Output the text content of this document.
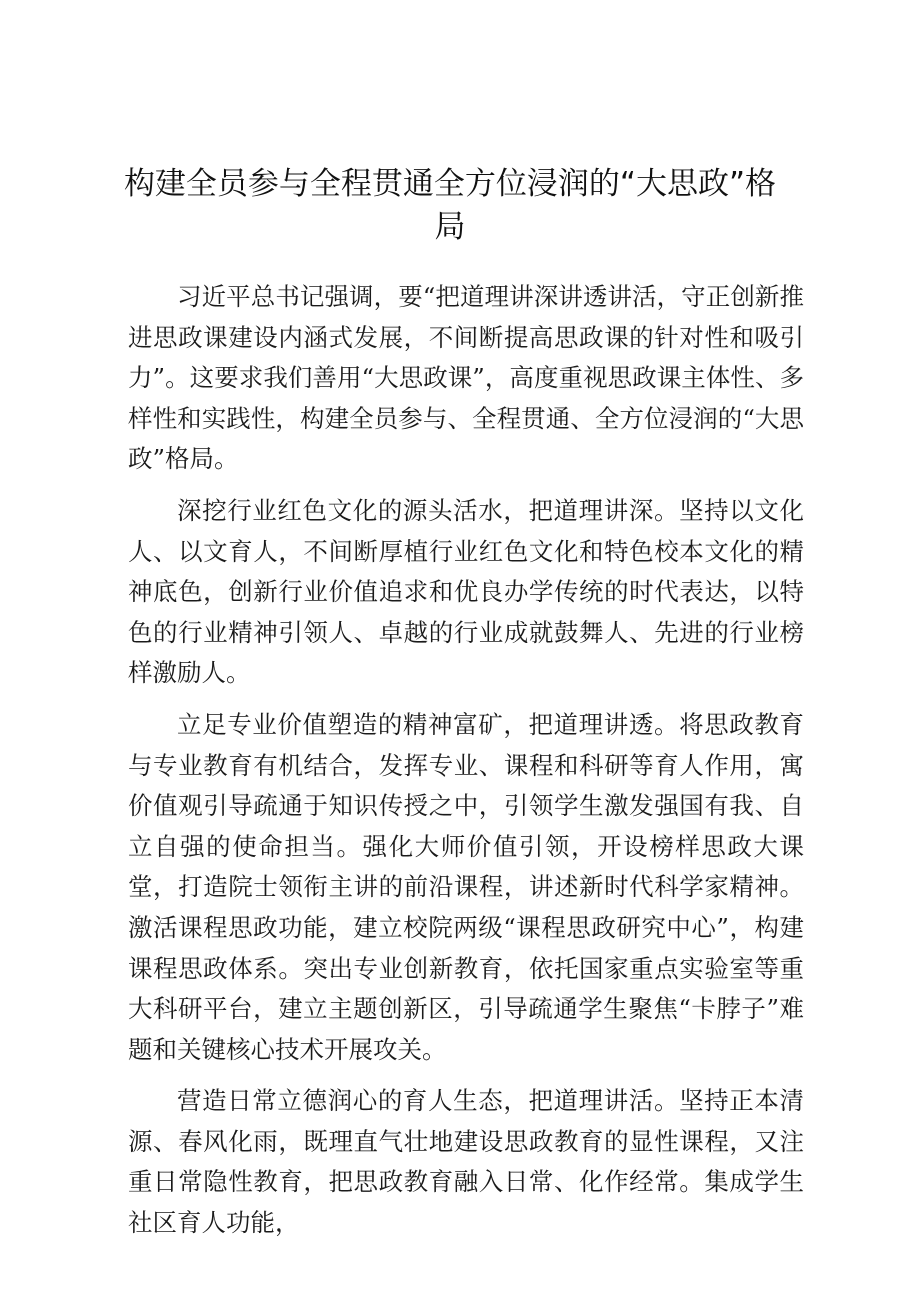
构建全员参与全程贯通全方位浸润的“大思政”格局

习近平总书记强调，要“把道理讲深讲透讲活，守正创新推进思政课建设内涵式发展，不间断提高思政课的针对性和吸引力”。这要求我们善用“大思政课”，高度重视思政课主体性、多样性和实践性，构建全员参与、全程贯通、全方位浸润的“大思政”格局。

深挖行业红色文化的源头活水，把道理讲深。坚持以文化人、以文育人，不间断厚植行业红色文化和特色校本文化的精神底色，创新行业价值追求和优良办学传统的时代表达，以特色的行业精神引领人、卓越的行业成就鼓舞人、先进的行业榜样激励人。

立足专业价值塑造的精神富矿，把道理讲透。将思政教育与专业教育有机结合，发挥专业、课程和科研等育人作用，寓价值观引导疏通于知识传授之中，引领学生激发强国有我、自立自强的使命担当。强化大师价值引领，开设榜样思政大课堂，打造院士领衔主讲的前沿课程，讲述新时代科学家精神。激活课程思政功能，建立校院两级“课程思政研究中心”，构建课程思政体系。突出专业创新教育，依托国家重点实验室等重大科研平台，建立主题创新区，引导疏通学生聚焦“卡脖子”难题和关键核心技术开展攻关。

营造日常立德润心的育人生态，把道理讲活。坚持正本清源、春风化雨，既理直气壮地建设思政教育的显性课程，又注重日常隐性教育，把思政教育融入日常、化作经常。集成学生社区育人功能，
